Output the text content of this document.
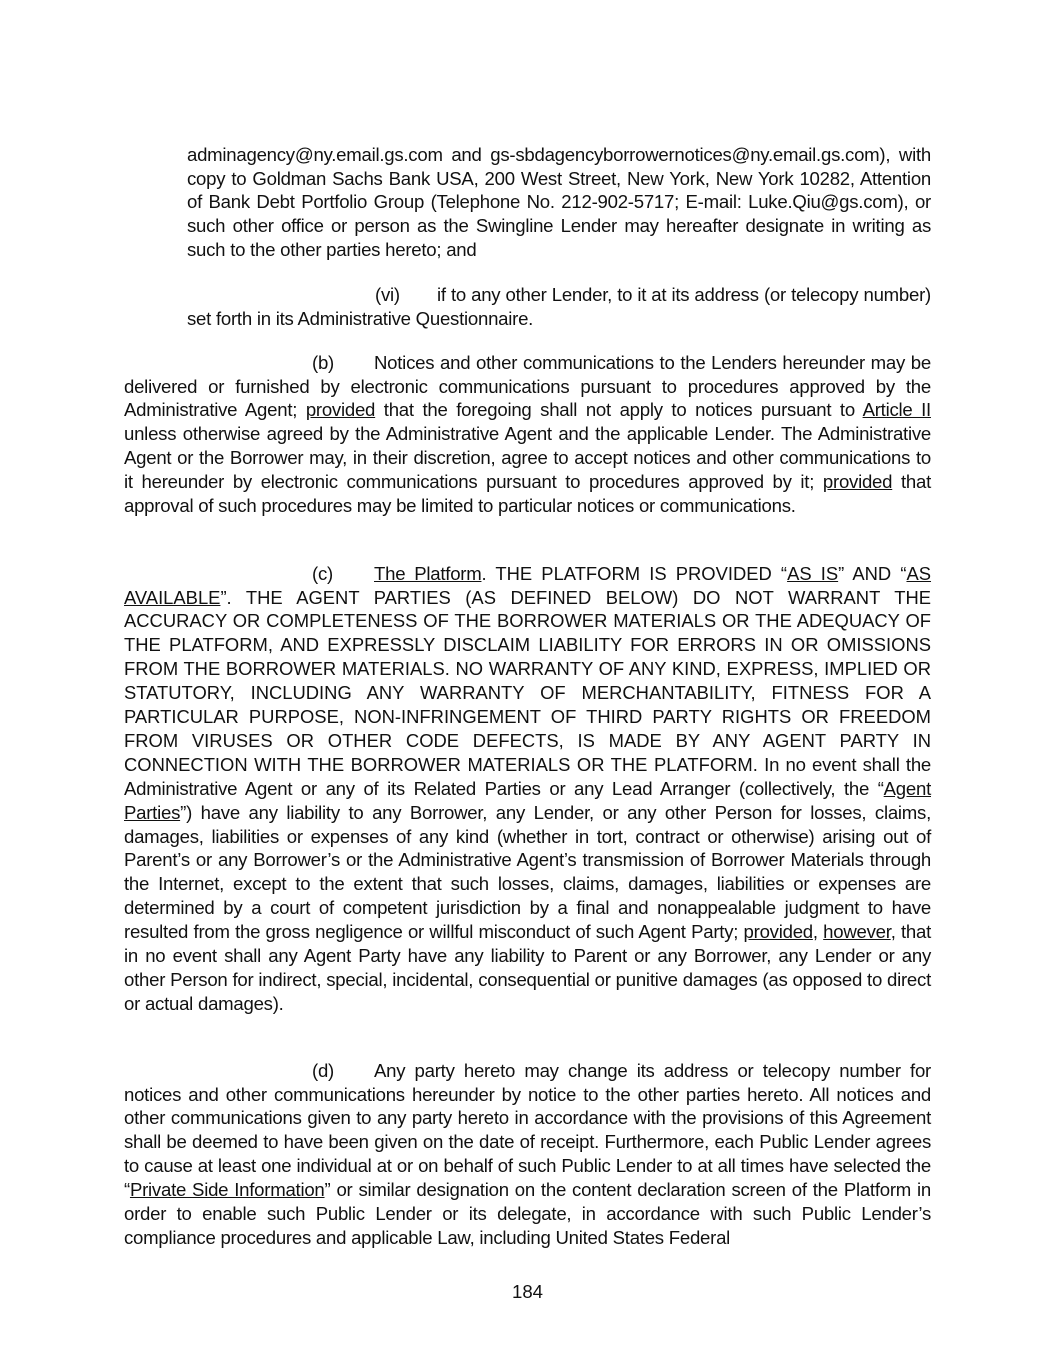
adminagency@ny.email.gs.com and gs-sbdagencyborrowernotices@ny.email.gs.com), with copy to Goldman Sachs Bank USA, 200 West Street, New York, New York 10282, Attention of Bank Debt Portfolio Group (Telephone No. 212-902-5717; E-mail: Luke.Qiu@gs.com), or such other office or person as the Swingline Lender may hereafter designate in writing as such to the other parties hereto; and

(vi) if to any other Lender, to it at its address (or telecopy number) set forth in its Administrative Questionnaire.

(b) Notices and other communications to the Lenders hereunder may be delivered or furnished by electronic communications pursuant to procedures approved by the Administrative Agent; provided that the foregoing shall not apply to notices pursuant to Article II unless otherwise agreed by the Administrative Agent and the applicable Lender. The Administrative Agent or the Borrower may, in their discretion, agree to accept notices and other communications to it hereunder by electronic communications pursuant to procedures approved by it; provided that approval of such procedures may be limited to particular notices or communications.

(c) The Platform. THE PLATFORM IS PROVIDED “AS IS” AND “AS AVAILABLE”. THE AGENT PARTIES (AS DEFINED BELOW) DO NOT WARRANT THE ACCURACY OR COMPLETENESS OF THE BORROWER MATERIALS OR THE ADEQUACY OF THE PLATFORM, AND EXPRESSLY DISCLAIM LIABILITY FOR ERRORS IN OR OMISSIONS FROM THE BORROWER MATERIALS. NO WARRANTY OF ANY KIND, EXPRESS, IMPLIED OR STATUTORY, INCLUDING ANY WARRANTY OF MERCHANTABILITY, FITNESS FOR A PARTICULAR PURPOSE, NON-INFRINGEMENT OF THIRD PARTY RIGHTS OR FREEDOM FROM VIRUSES OR OTHER CODE DEFECTS, IS MADE BY ANY AGENT PARTY IN CONNECTION WITH THE BORROWER MATERIALS OR THE PLATFORM. In no event shall the Administrative Agent or any of its Related Parties or any Lead Arranger (collectively, the “Agent Parties”) have any liability to any Borrower, any Lender, or any other Person for losses, claims, damages, liabilities or expenses of any kind (whether in tort, contract or otherwise) arising out of Parent’s or any Borrower’s or the Administrative Agent’s transmission of Borrower Materials through the Internet, except to the extent that such losses, claims, damages, liabilities or expenses are determined by a court of competent jurisdiction by a final and nonappealable judgment to have resulted from the gross negligence or willful misconduct of such Agent Party; provided, however, that in no event shall any Agent Party have any liability to Parent or any Borrower, any Lender or any other Person for indirect, special, incidental, consequential or punitive damages (as opposed to direct or actual damages).

(d) Any party hereto may change its address or telecopy number for notices and other communications hereunder by notice to the other parties hereto. All notices and other communications given to any party hereto in accordance with the provisions of this Agreement shall be deemed to have been given on the date of receipt. Furthermore, each Public Lender agrees to cause at least one individual at or on behalf of such Public Lender to at all times have selected the “Private Side Information” or similar designation on the content declaration screen of the Platform in order to enable such Public Lender or its delegate, in accordance with such Public Lender’s compliance procedures and applicable Law, including United States Federal

184
